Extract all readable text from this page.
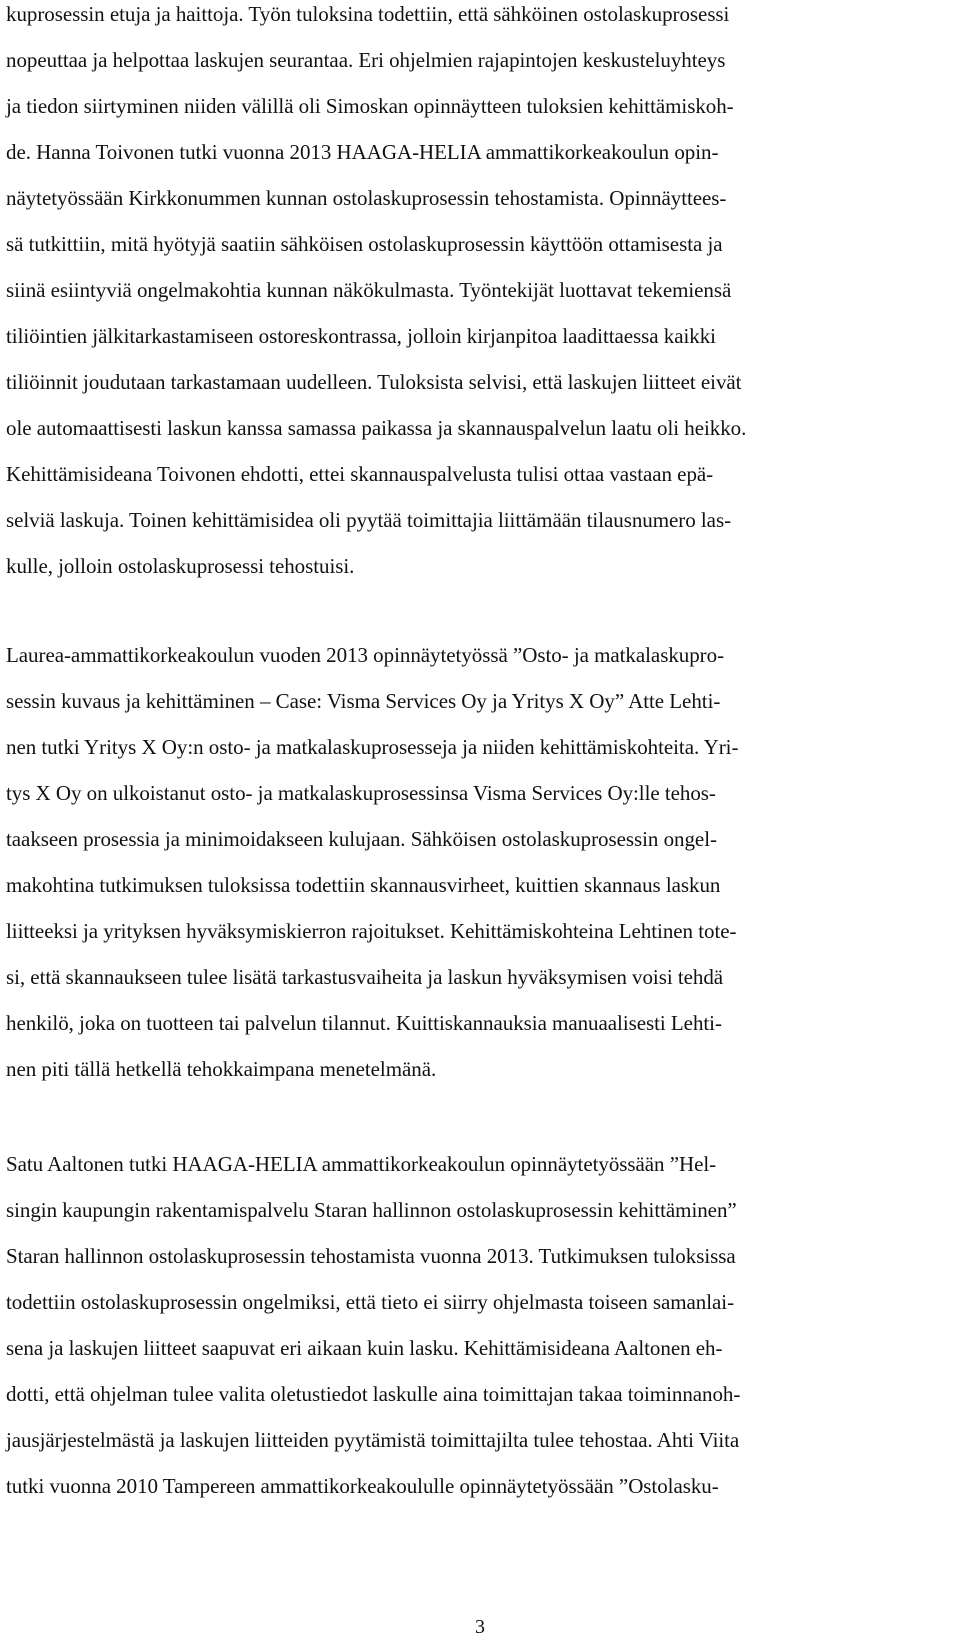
kuprosessin etuja ja haittoja. Työn tuloksina todettiin, että sähköinen ostolaskuprosessi
nopeuttaa ja helpottaa laskujen seurantaa. Eri ohjelmien rajapintojen keskusteluyhteys
ja tiedon siirtyminen niiden välillä oli Simoskan opinnäytteen tuloksien kehittämiskoh-
de. Hanna Toivonen tutki vuonna 2013 HAAGA-HELIA ammattikorkeakoulun opin-
näytetyössään Kirkkonummen kunnan ostolaskuprosessin tehostamista. Opinnäyttees-
sä tutkittiin, mitä hyötyjä saatiin sähköisen ostolaskuprosessin käyttöön ottamisesta ja
siinä esiintyviä ongelmakohtia kunnan näkökulmasta. Työntekijät luottavat tekemiensä
tiliöintien jälkitarkastamiseen ostoreskontrassa, jolloin kirjanpitoa laadittaessa kaikki
tiliöinnit joudutaan tarkastamaan uudelleen. Tuloksista selvisi, että laskujen liitteet eivät
ole automaattisesti laskun kanssa samassa paikassa ja skannauspalvelun laatu oli heikko.
Kehittämisideana Toivonen ehdotti, ettei skannauspalvelusta tulisi ottaa vastaan epä-
selviä laskuja. Toinen kehittämisidea oli pyytää toimittajia liittämään tilausnumero las-
kulle, jolloin ostolaskuprosessi tehostuisi.
Laurea-ammattikorkeakoulun vuoden 2013 opinnäytetyössä ”Osto- ja matkalaskupro-
sessin kuvaus ja kehittäminen – Case: Visma Services Oy ja Yritys X Oy” Atte Lehti-
nen tutki Yritys X Oy:n osto- ja matkalaskuprosesseja ja niiden kehittämiskohteita. Yri-
tys X Oy on ulkoistanut osto- ja matkalaskuprosessinsa Visma Services Oy:lle tehos-
taakseen prosessia ja minimoidakseen kulujaan. Sähköisen ostolaskuprosessin ongel-
makohtina tutkimuksen tuloksissa todettiin skannausvirheet, kuittien skannaus laskun
liitteeksi ja yrityksen hyväksymiskierron rajoitukset. Kehittämiskohteina Lehtinen tote-
si, että skannaukseen tulee lisätä tarkastusvaiheita ja laskun hyväksymisen voisi tehdä
henkilö, joka on tuotteen tai palvelun tilannut. Kuittiskannauksia manuaalisesti Lehti-
nen piti tällä hetkellä tehokkaimpana menetelmänä.
Satu Aaltonen tutki HAAGA-HELIA ammattikorkeakoulun opinnäytetyössään ”Hel-
singin kaupungin rakentamispalvelu Staran hallinnon ostolaskuprosessin kehittäminen”
Staran hallinnon ostolaskuprosessin tehostamista vuonna 2013. Tutkimuksen tuloksissa
todettiin ostolaskuprosessin ongelmiksi, että tieto ei siirry ohjelmasta toiseen samanlai-
sena ja laskujen liitteet saapuvat eri aikaan kuin lasku. Kehittämisideana Aaltonen eh-
dotti, että ohjelman tulee valita oletustiedot laskulle aina toimittajan takaa toiminnanoh-
jausjärjestelmästä ja laskujen liitteiden pyytämistä toimittajilta tulee tehostaa. Ahti Viita
tutki vuonna 2010 Tampereen ammattikorkeakoululle opinnäytetyössään ”Ostolasku-
3
